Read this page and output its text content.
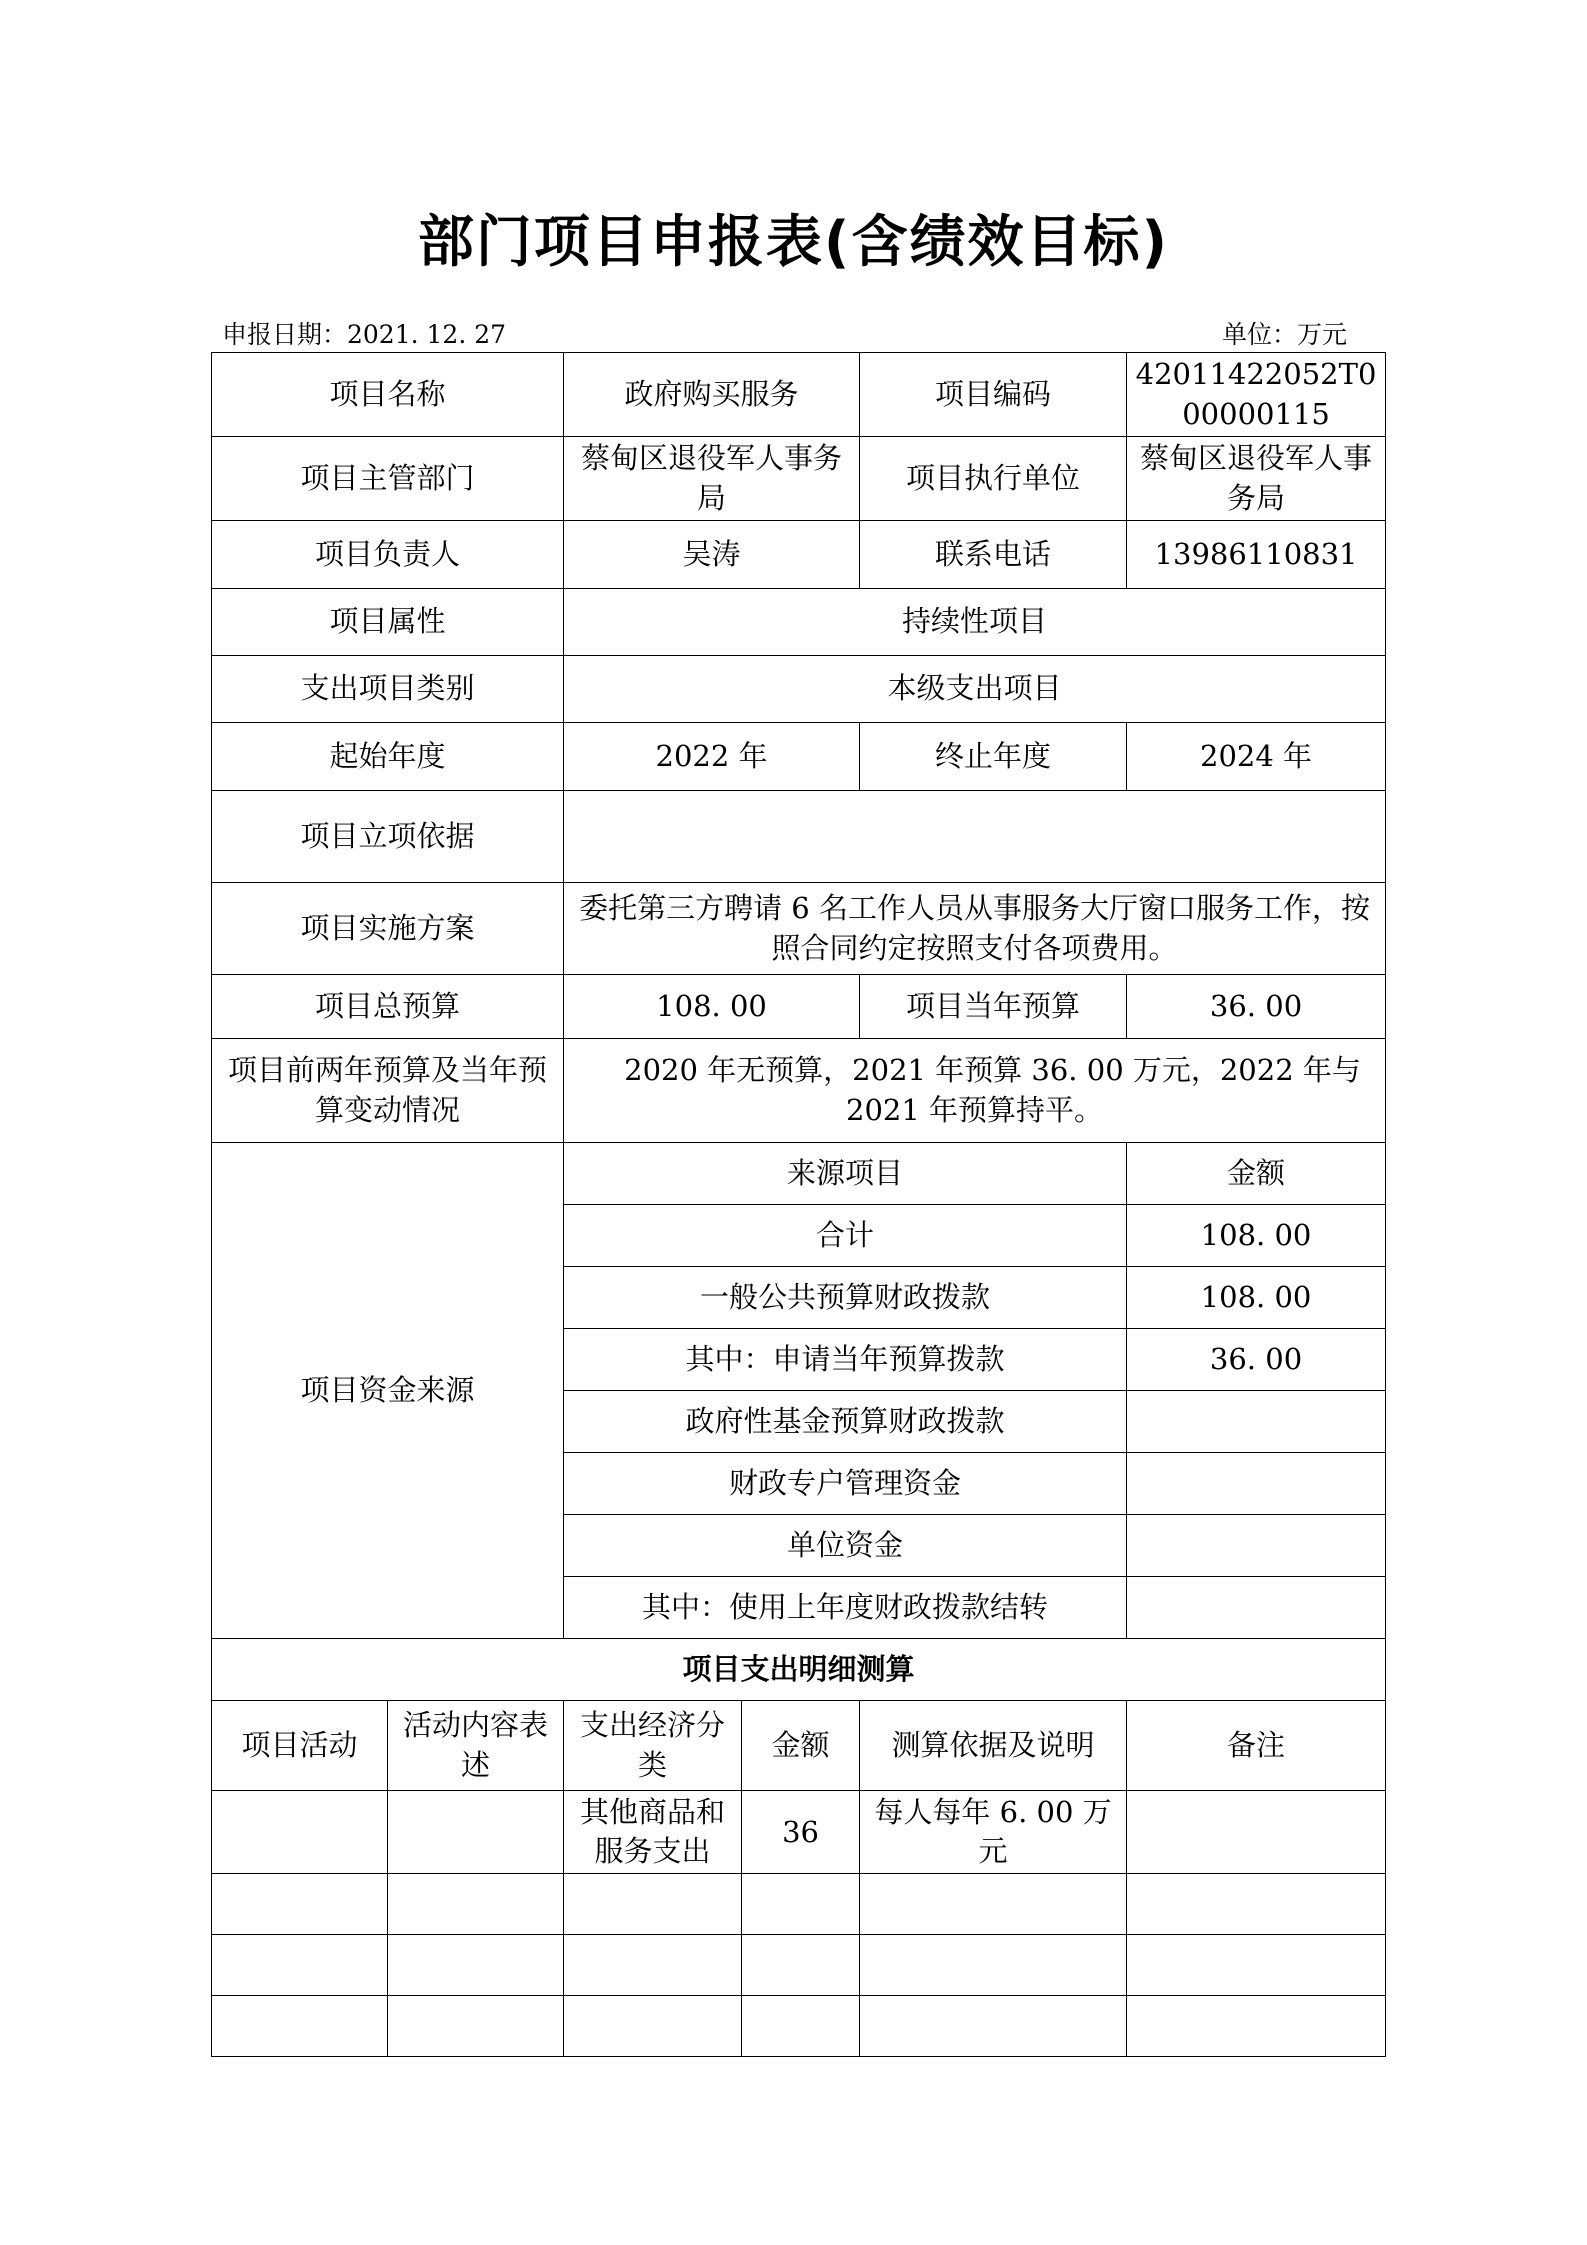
部门项目申报表(含绩效目标)
申报日期：2021. 12. 27	单位：万元
项目名称		政府购买服务		项目编码	42011422052T000000115
项目主管部门		蔡甸区退役军人事务局		项目执行单位	蔡甸区退役军人事务局
项目负责人		吴涛		联系电话	13986110831
项目属性		持续性项目			
支出项目类别		本级支出项目			
起始年度		2022 年		终止年度	2024 年
项目立项依据					
项目实施方案		委托第三方聘请 6 名工作人员从事服务大厅窗口服务工作，按照合同约定按照支付各项费用。			
项目总预算		108. 00		项目当年预算	36. 00
项目前两年预算及当年预算变动情况		2020 年无预算，2021 年预算 36. 00 万元，2022 年与 2021 年预算持平。			
项目资金来源		来源项目			金额
		合计			108. 00
		一般公共预算财政拨款			108. 00
		其中：申请当年预算拨款			36. 00
		政府性基金预算财政拨款			
		财政专户管理资金			
		单位资金			
		其中：使用上年度财政拨款结转			
项目支出明细测算					
项目活动	活动内容表述	支出经济分类	金额	测算依据及说明	备注
		其他商品和服务支出	36	每人每年 6. 00 万元	
